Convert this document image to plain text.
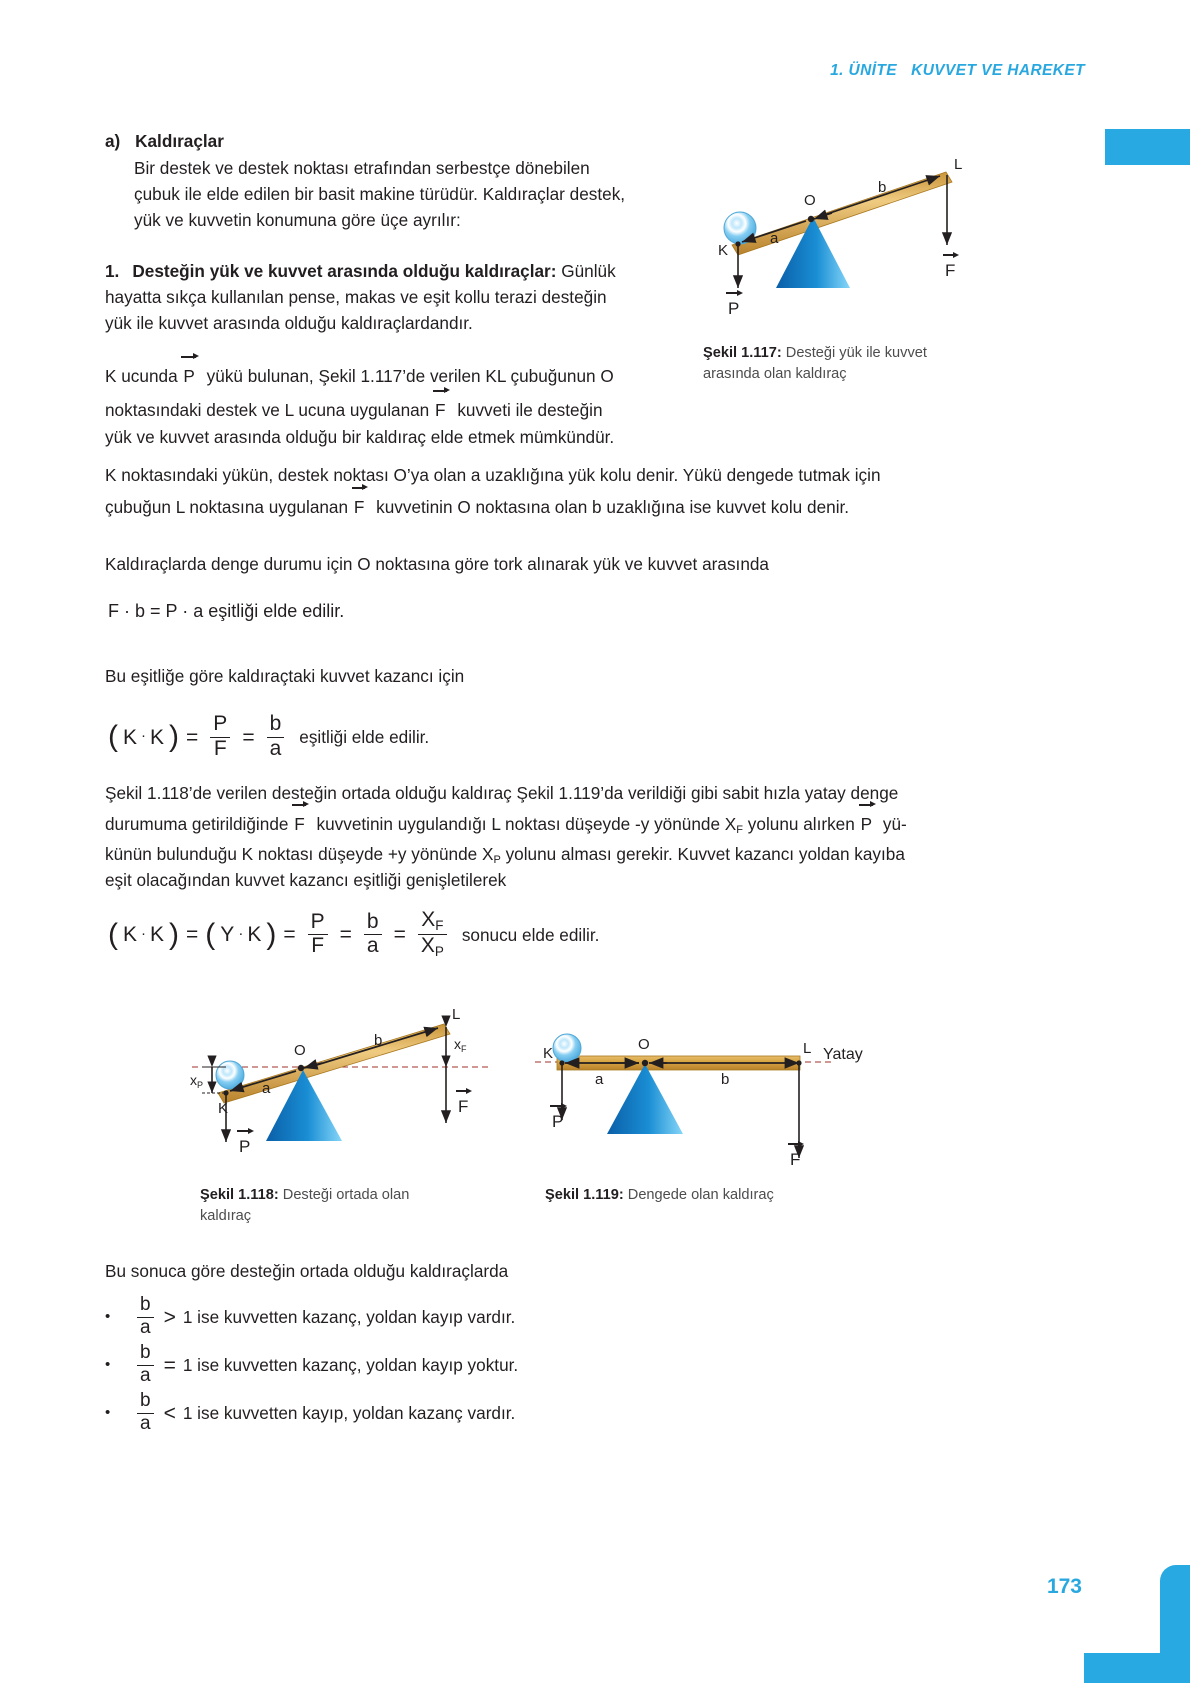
1. ÜNİTE   KUVVET VE HAREKET
a) Kaldıraçlar
Bir destek ve destek noktası etrafından serbestçe dönebilen
çubuk ile elde edilen bir basit makine türüdür. Kaldıraçlar destek,
yük ve kuvvetin konumuna göre üçe ayrılır:
1. Desteğin yük ve kuvvet arasında olduğu kaldıraçlar: Günlük
hayatta sıkça kullanılan pense, makas ve eşit kollu terazi desteğin
yük ile kuvvet arasında olduğu kaldıraçlardandır.
K ucunda P yükü bulunan, Şekil 1.117’de verilen KL çubuğunun O
noktasındaki destek ve L ucuna uygulanan F kuvveti ile desteğin
yük ve kuvvet arasında olduğu bir kaldıraç elde etmek mümkündür.
K
O
L
a
b
P
F
Şekil 1.117: Desteği yük ile kuvvet
arasında olan kaldıraç
K noktasındaki yükün, destek noktası O’ya olan a uzaklığına yük kolu denir. Yükü dengede tutmak için
çubuğun L noktasına uygulanan F kuvvetinin O noktasına olan b uzaklığına ise kuvvet kolu denir.
Kaldıraçlarda denge durumu için O noktasına göre tork alınarak yük ve kuvvet arasında
F · b = P · a eşitliği elde edilir.
Bu eşitliğe göre kaldıraçtaki kuvvet kazancı için
( K · K ) = $\frac{P}{F} = \frac{b}{a}$ eşitliği elde edilir.
Şekil 1.118’de verilen desteğin ortada olduğu kaldıraç Şekil 1.119’da verildiği gibi sabit hızla yatay denge
durumuma getirildiğinde F kuvvetinin uygulandığı L noktası düşeyde -y yönünde $X_F$ yolunu alırken P yü-
künün bulunduğu K noktası düşeyde +y yönünde $X_P$ yolunu alması gerekir. Kuvvet kazancı yoldan kayıba
eşit olacağından kuvvet kazancı eşitliği genişletilerek
( K · K ) = ( Y · K ) = $\frac{P}{F} = \frac{b}{a} = \frac{X_F}{X_P}$ sonucu elde edilir.
O
L
K
a
b
$x_P$
$x_F$
P
F
K
O	L
a	b
Yatay
P
F
Şekil 1.118: Desteği ortada olan
kaldıraç
Şekil 1.119: Dengede olan kaldıraç
Bu sonuca göre desteğin ortada olduğu kaldıraçlarda
•	$\frac{b}{a} > 1$ ise kuvvetten kazanç, yoldan kayıp vardır.
•	$\frac{b}{a} = 1$ ise kuvvetten kazanç, yoldan kayıp yoktur.
•	$\frac{b}{a} < 1$ ise kuvvetten kayıp, yoldan kazanç vardır.
173
